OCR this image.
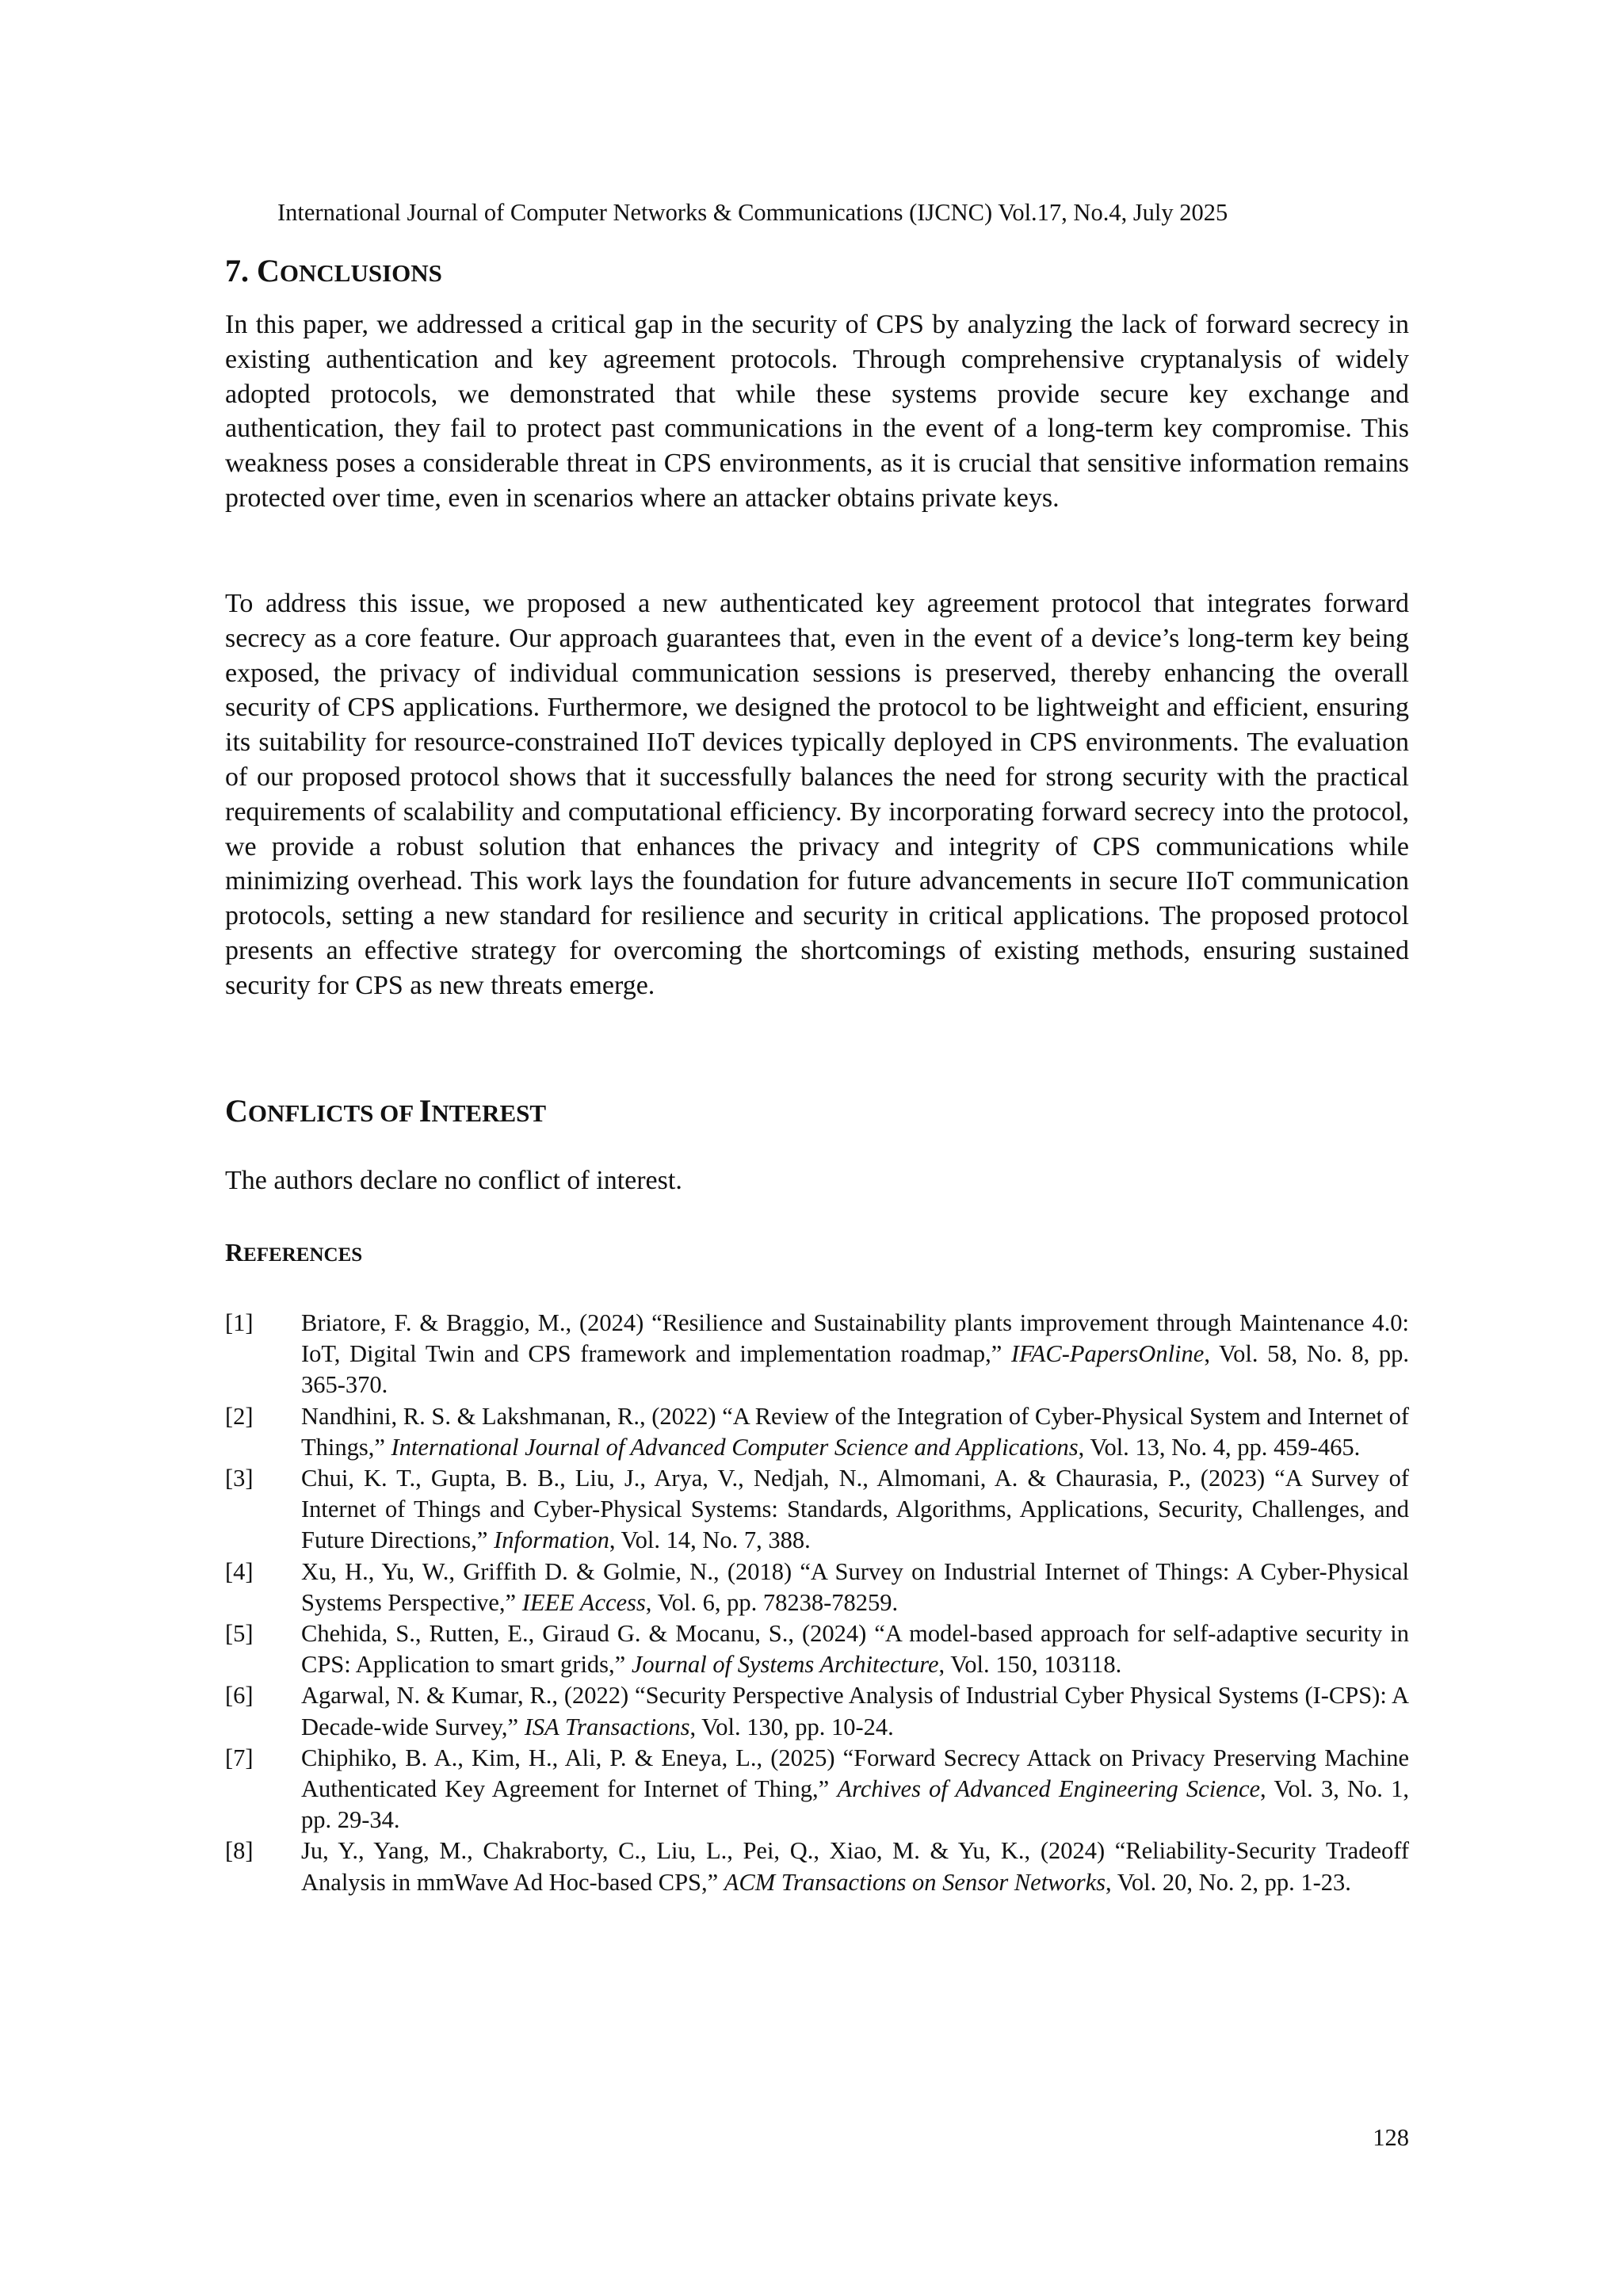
International Journal of Computer Networks & Communications (IJCNC) Vol.17, No.4, July 2025
7. CONCLUSIONS

In this paper, we addressed a critical gap in the security of CPS by analyzing the lack of forward secrecy in existing authentication and key agreement protocols. Through comprehensive cryptanalysis of widely adopted protocols, we demonstrated that while these systems provide secure key exchange and authentication, they fail to protect past communications in the event of a long-term key compromise. This weakness poses a considerable threat in CPS environments, as it is crucial that sensitive information remains protected over time, even in scenarios where an attacker obtains private keys.

To address this issue, we proposed a new authenticated key agreement protocol that integrates forward secrecy as a core feature. Our approach guarantees that, even in the event of a device’s long-term key being exposed, the privacy of individual communication sessions is preserved, thereby enhancing the overall security of CPS applications. Furthermore, we designed the protocol to be lightweight and efficient, ensuring its suitability for resource-constrained IIoT devices typically deployed in CPS environments. The evaluation of our proposed protocol shows that it successfully balances the need for strong security with the practical requirements of scalability and computational efficiency. By incorporating forward secrecy into the protocol, we provide a robust solution that enhances the privacy and integrity of CPS communications while minimizing overhead. This work lays the foundation for future advancements in secure IIoT communication protocols, setting a new standard for resilience and security in critical applications. The proposed protocol presents an effective strategy for overcoming the shortcomings of existing methods, ensuring sustained security for CPS as new threats emerge.

CONFLICTS OF INTEREST

The authors declare no conflict of interest.

REFERENCES
[1]	Briatore, F. & Braggio, M., (2024) “Resilience and Sustainability plants improvement through Maintenance 4.0: IoT, Digital Twin and CPS framework and implementation roadmap,” IFAC-PapersOnline, Vol. 58, No. 8, pp. 365-370.
[2]	Nandhini, R. S. & Lakshmanan, R., (2022) “A Review of the Integration of Cyber-Physical System and Internet of Things,” International Journal of Advanced Computer Science and Applications, Vol. 13, No. 4, pp. 459-465.
[3]	Chui, K. T., Gupta, B. B., Liu, J., Arya, V., Nedjah, N., Almomani, A. & Chaurasia, P., (2023) “A Survey of Internet of Things and Cyber-Physical Systems: Standards, Algorithms, Applications, Security, Challenges, and Future Directions,” Information, Vol. 14, No. 7, 388.
[4]	Xu, H., Yu, W., Griffith D. & Golmie, N., (2018) “A Survey on Industrial Internet of Things: A Cyber-Physical Systems Perspective,” IEEE Access, Vol. 6, pp. 78238-78259.
[5]	Chehida, S., Rutten, E., Giraud G. & Mocanu, S., (2024) “A model-based approach for self-adaptive security in CPS: Application to smart grids,” Journal of Systems Architecture, Vol. 150, 103118.
[6]	Agarwal, N. & Kumar, R., (2022) “Security Perspective Analysis of Industrial Cyber Physical Systems (I-CPS): A Decade-wide Survey,” ISA Transactions, Vol. 130, pp. 10-24.
[7]	Chiphiko, B. A., Kim, H., Ali, P. & Eneya, L., (2025) “Forward Secrecy Attack on Privacy Preserving Machine Authenticated Key Agreement for Internet of Thing,” Archives of Advanced Engineering Science, Vol. 3, No. 1, pp. 29-34.
[8]	Ju, Y., Yang, M., Chakraborty, C., Liu, L., Pei, Q., Xiao, M. & Yu, K., (2024) “Reliability-Security Tradeoff Analysis in mmWave Ad Hoc-based CPS,” ACM Transactions on Sensor Networks, Vol. 20, No. 2, pp. 1-23.
128
